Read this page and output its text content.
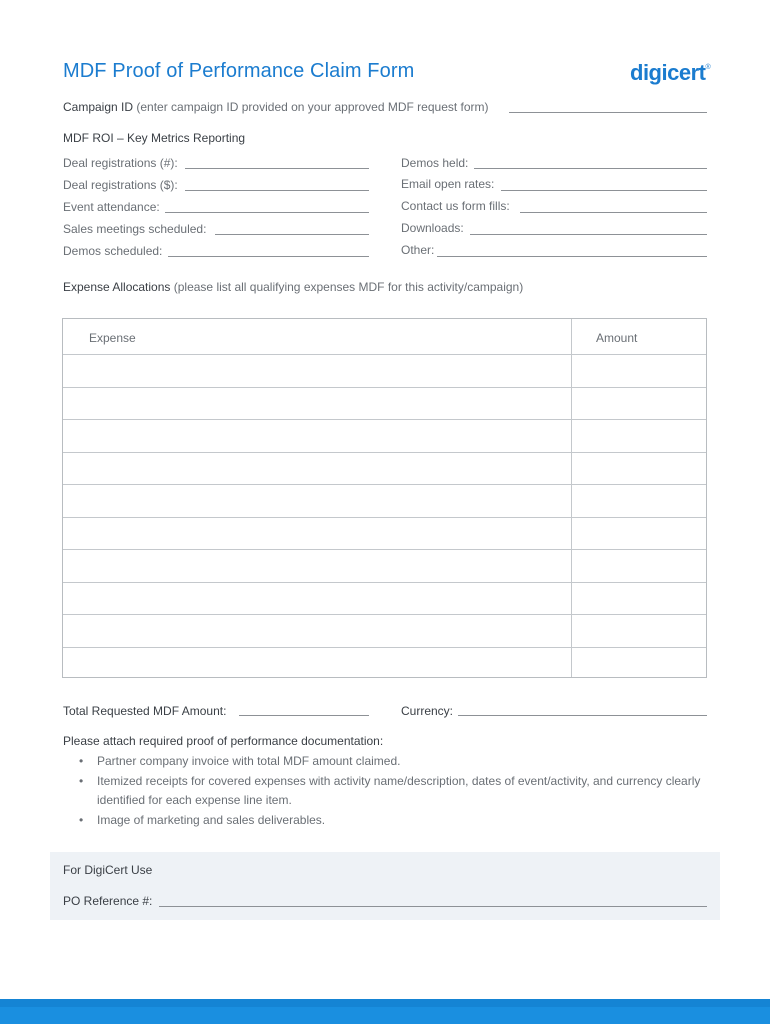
MDF Proof of Performance Claim Form	digicert®
Campaign ID (enter campaign ID provided on your approved MDF request form)
MDF ROI – Key Metrics Reporting
Deal registrations (#):
Deal registrations ($):
Event attendance:
Sales meetings scheduled:
Demos scheduled:
Demos held:
Email open rates:
Contact us form fills:
Downloads:
Other:
Expense Allocations (please list all qualifying expenses MDF for this activity/campaign)
Expense	Amount
Total Requested MDF Amount:	Currency:
Please attach required proof of performance documentation:
• Partner company invoice with total MDF amount claimed.
• Itemized receipts for covered expenses with activity name/description, dates of event/activity, and currency clearly identified for each expense line item.
• Image of marketing and sales deliverables.
For DigiCert Use
PO Reference #:
